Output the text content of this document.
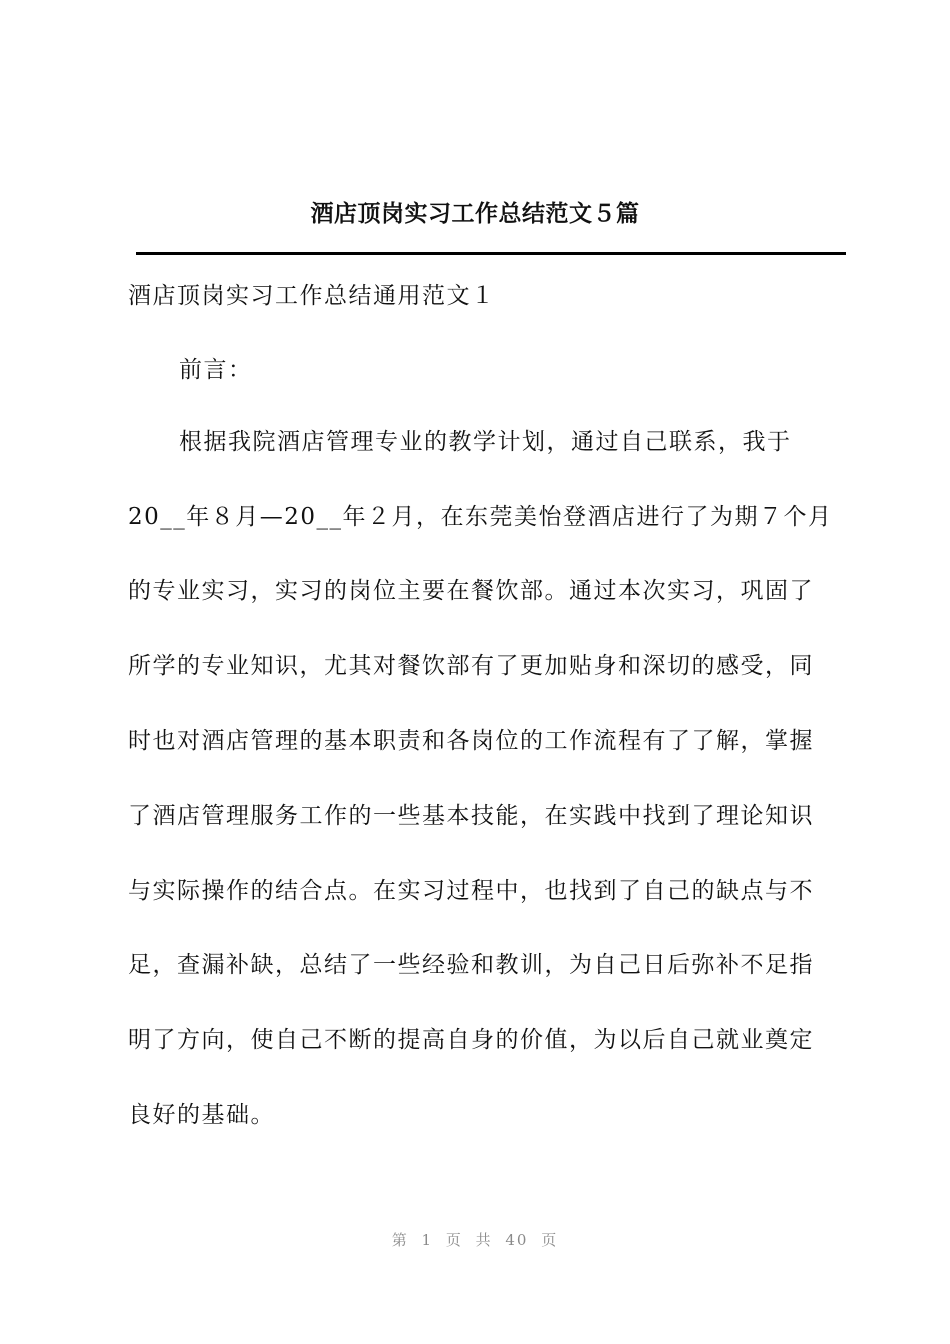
酒店顶岗实习工作总结范文５篇
酒店顶岗实习工作总结通用范文１
前言：
根据我院酒店管理专业的教学计划，通过自己联系，我于
20__年８月—20__年２月，在东莞美怡登酒店进行了为期７个月
的专业实习，实习的岗位主要在餐饮部。通过本次实习，巩固了
所学的专业知识，尤其对餐饮部有了更加贴身和深切的感受，同
时也对酒店管理的基本职责和各岗位的工作流程有了了解，掌握
了酒店管理服务工作的一些基本技能，在实践中找到了理论知识
与实际操作的结合点。在实习过程中，也找到了自己的缺点与不
足，查漏补缺，总结了一些经验和教训，为自己日后弥补不足指
明了方向，使自己不断的提高自身的价值，为以后自己就业奠定
良好的基础。
第 1 页 共 40 页
